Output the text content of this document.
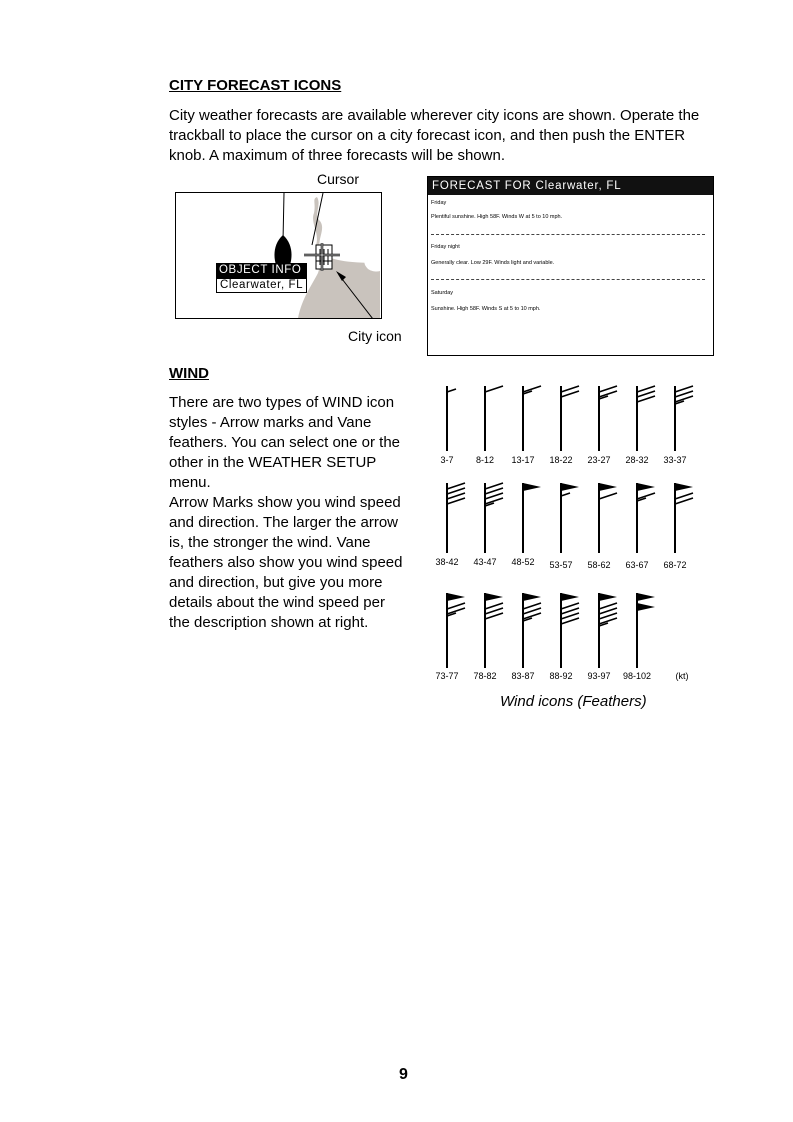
CITY FORECAST ICONS
City weather forecasts are available wherever city icons are shown. Operate the
trackball to place the cursor on a city forecast icon, and then push the ENTER
knob. A maximum of three forecasts will be shown.
Cursor
OBJECT INFO
Clearwater, FL
City icon
FORECAST FOR Clearwater, FL
Friday
Plentiful sunshine. High 58F. Winds W at 5 to 10 mph.
Friday night
Generally clear. Low 29F. Winds light and variable.
Saturday
Sunshine. High 58F. Winds S at 5 to 10 mph.
WIND
There are two types of WIND icon
styles - Arrow marks and Vane
feathers. You can select one or the
other in the WEATHER SETUP
menu.
Arrow Marks show you wind speed
and direction. The larger the arrow
is, the stronger the wind. Vane
feathers also show you wind speed
and direction, but give you more
details about the wind speed per
the description shown at right.
3-7	8-12	13-17	18-22	23-27	28-32	33-37
38-42	43-47	48-52	53-57	58-62	63-67	68-72
73-77	78-82	83-87	88-92	93-97	98-102	(kt)
Wind icons (Feathers)
9
